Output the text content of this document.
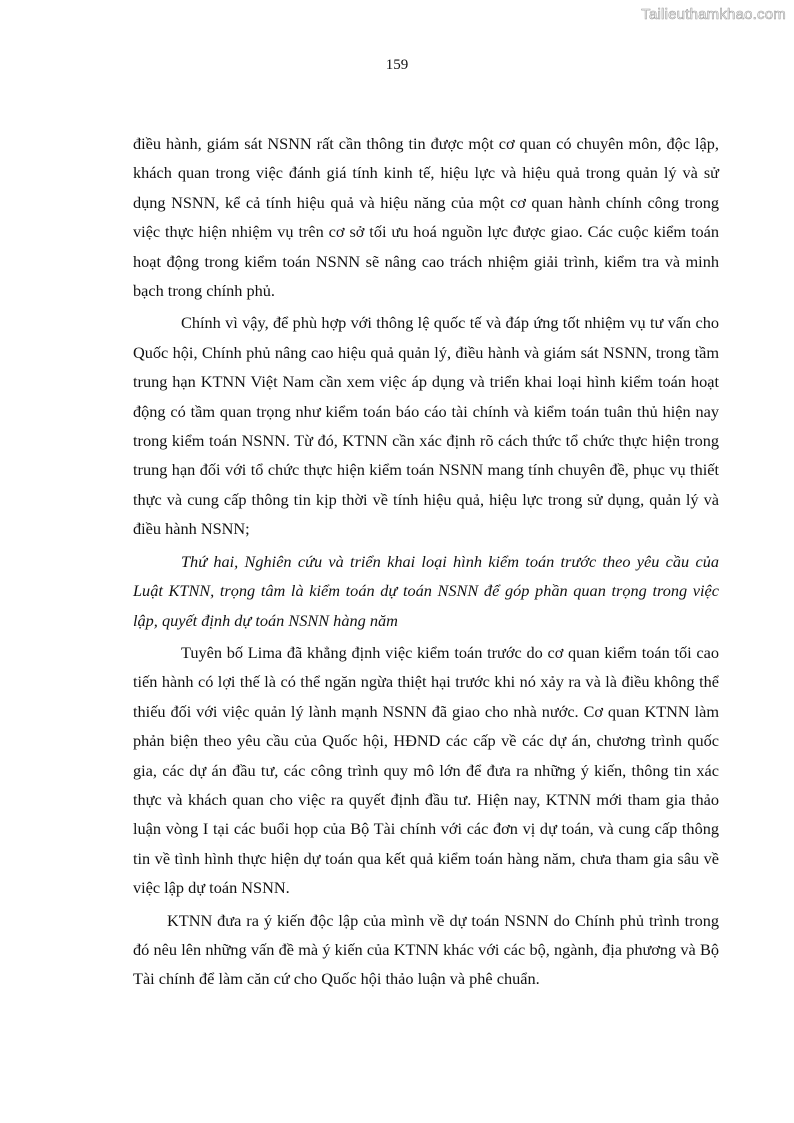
Tailieuthamkhao.com
159

điều hành, giám sát NSNN rất cần thông tin được một cơ quan có chuyên môn, độc lập, khách quan trong việc đánh giá tính kinh tế, hiệu lực và hiệu quả trong quản lý và sử dụng NSNN, kể cả tính hiệu quả và hiệu năng của một cơ quan hành chính công trong việc thực hiện nhiệm vụ trên cơ sở tối ưu hoá nguồn lực được giao. Các cuộc kiểm toán hoạt động trong kiểm toán NSNN sẽ nâng cao trách nhiệm giải trình, kiểm tra và minh bạch trong chính phủ.

Chính vì vậy, để phù hợp với thông lệ quốc tế và đáp ứng tốt nhiệm vụ tư vấn cho Quốc hội, Chính phủ nâng cao hiệu quả quản lý, điều hành và giám sát NSNN, trong tầm trung hạn KTNN Việt Nam cần xem việc áp dụng và triển khai loại hình kiểm toán hoạt động có tầm quan trọng như kiểm toán báo cáo tài chính và kiểm toán tuân thủ hiện nay trong kiểm toán NSNN. Từ đó, KTNN cần xác định rõ cách thức tổ chức thực hiện trong trung hạn đối với tổ chức thực hiện kiểm toán NSNN mang tính chuyên đề, phục vụ thiết thực và cung cấp thông tin kịp thời về tính hiệu quả, hiệu lực trong sử dụng, quản lý và điều hành NSNN;

Thứ hai, Nghiên cứu và triển khai loại hình kiểm toán trước theo yêu cầu của Luật KTNN, trọng tâm là kiểm toán dự toán NSNN để góp phần quan trọng trong việc lập, quyết định dự toán NSNN hàng năm

Tuyên bố Lima đã khẳng định việc kiểm toán trước do cơ quan kiểm toán tối cao tiến hành có lợi thế là có thể ngăn ngừa thiệt hại trước khi nó xảy ra và là điều không thể thiếu đối với việc quản lý lành mạnh NSNN đã giao cho nhà nước. Cơ quan KTNN làm phản biện theo yêu cầu của Quốc hội, HĐND các cấp về các dự án, chương trình quốc gia, các dự án đầu tư, các công trình quy mô lớn để đưa ra những ý kiến, thông tin xác thực và khách quan cho việc ra quyết định đầu tư. Hiện nay, KTNN mới tham gia thảo luận vòng I tại các buổi họp của Bộ Tài chính với các đơn vị dự toán, và cung cấp thông tin về tình hình thực hiện dự toán qua kết quả kiểm toán hàng năm, chưa tham gia sâu về việc lập dự toán NSNN.

KTNN đưa ra ý kiến độc lập của mình về dự toán NSNN do Chính phủ trình trong đó nêu lên những vấn đề mà ý kiến của KTNN khác với các bộ, ngành, địa phương và Bộ Tài chính để làm căn cứ cho Quốc hội thảo luận và phê chuẩn.
